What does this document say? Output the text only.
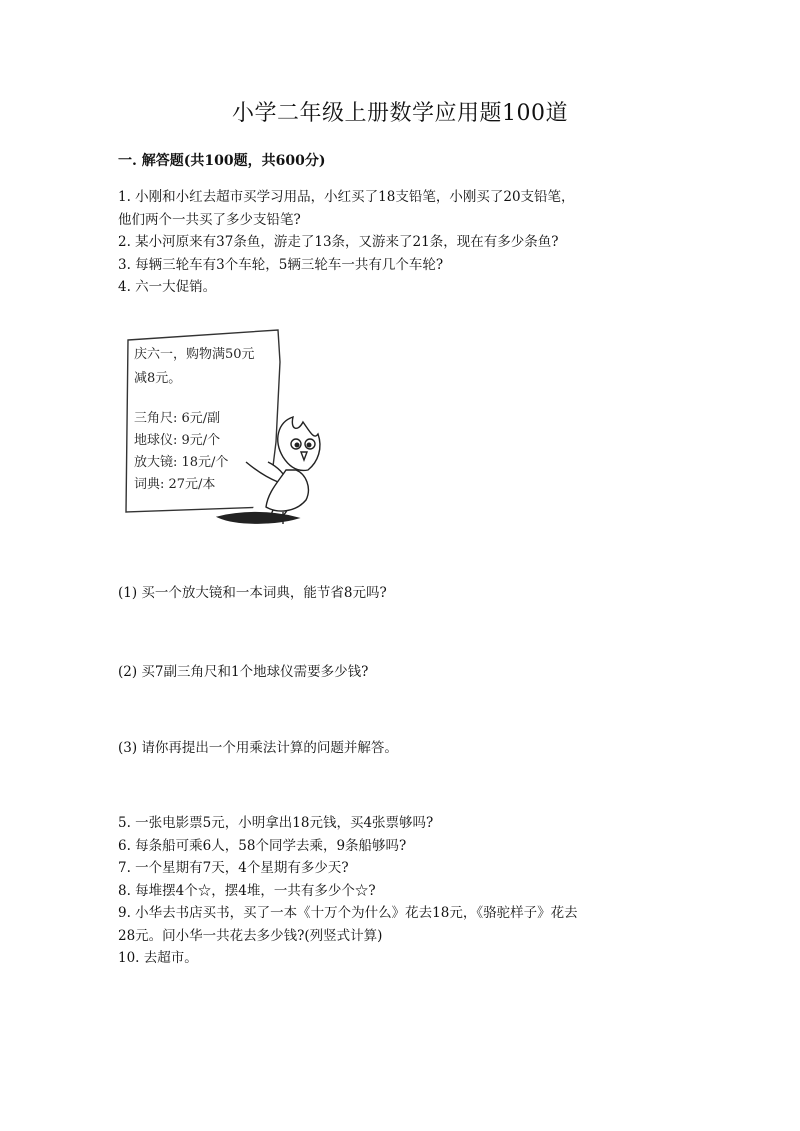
小学二年级上册数学应用题100道
一. 解答题(共100题，共600分)

1. 小刚和小红去超市买学习用品，小红买了18支铅笔，小刚买了20支铅笔，

他们两个一共买了多少支铅笔?

2. 某小河原来有37条鱼，游走了13条，又游来了21条，现在有多少条鱼?

3. 每辆三轮车有3个车轮，5辆三轮车一共有几个车轮?

4. 六一大促销。

庆六一，购物满50元
减8元。
三角尺: 6元/副
地球仪: 9元/个
放大镜: 18元/个
词典: 27元/本
(1) 买一个放大镜和一本词典，能节省8元吗?
(2) 买7副三角尺和1个地球仪需要多少钱?
(3) 请你再提出一个用乘法计算的问题并解答。

5. 一张电影票5元，小明拿出18元钱，买4张票够吗?

6. 每条船可乘6人，58个同学去乘，9条船够吗?

7. 一个星期有7天，4个星期有多少天?

8. 每堆摆4个☆，摆4堆，一共有多少个☆?

9. 小华去书店买书，买了一本《十万个为什么》花去18元，《骆驼样子》花去

28元。问小华一共花去多少钱?(列竖式计算)

10. 去超市。
